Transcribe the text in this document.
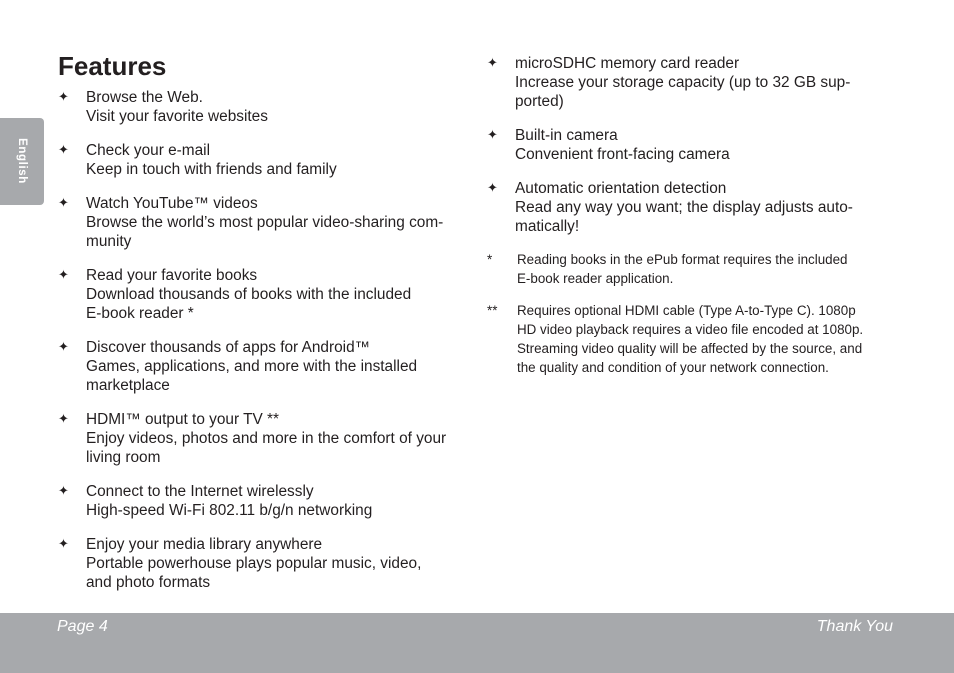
English
Features
✦ Browse the Web.
Visit your favorite websites
✦ Check your e-mail
Keep in touch with friends and family
✦ Watch YouTube™ videos
Browse the world’s most popular video-sharing com-
munity
✦ Read your favorite books
Download thousands of books with the included
E-book reader *
✦ Discover thousands of apps for Android™
Games, applications, and more with the installed
marketplace
✦ HDMI™ output to your TV **
Enjoy videos, photos and more in the comfort of your
living room
✦ Connect to the Internet wirelessly
High-speed Wi-Fi 802.11 b/g/n networking
✦ Enjoy your media library anywhere
Portable powerhouse plays popular music, video,
and photo formats
✦ microSDHC memory card reader
Increase your storage capacity (up to 32 GB sup-
ported)
✦ Built-in camera
Convenient front-facing camera
✦ Automatic orientation detection
Read any way you want; the display adjusts auto-
matically!
* Reading books in the ePub format requires the included
E-book reader application.
** Requires optional HDMI cable (Type A-to-Type C). 1080p
HD video playback requires a video file encoded at 1080p.
Streaming video quality will be affected by the source, and
the quality and condition of your network connection.
Page 4	Thank You
